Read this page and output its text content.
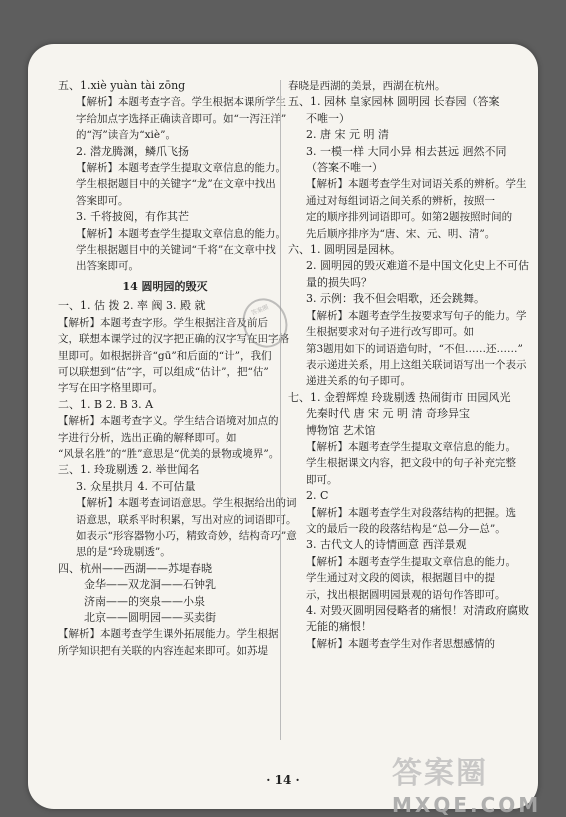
五、1.xiè yuàn tài zōng
【解析】本题考查字音。学生根据本课所学生
字给加点字选择正确读音即可。如“一泻汪洋”
的“泻”读音为“xiè”。
2. 潜龙腾渊，鳞爪飞扬
【解析】本题考查学生提取文章信息的能力。
学生根据题目中的关键字“龙”在文章中找出
答案即可。
3. 千将披阅，有作其芒
【解析】本题考查学生提取文章信息的能力。
学生根据题目中的关键词“千将”在文章中找
出答案即可。
14 圆明园的毁灭
一、1. 估 拨 2. 率 阀 3. 殿 就
【解析】本题考查字形。学生根据注音及前后
文，联想本课学过的汉字把正确的汉字写在田字格
里即可。如根据拼音“gū”和后面的“计”，我们
可以联想到“估”字，可以组成“估计”，把“估”
字写在田字格里即可。
二、1. B 2. B 3. A
【解析】本题考查字义。学生结合语境对加点的
字进行分析，选出正确的解释即可。如
“风景名胜”的“胜”意思是“优美的景物或境界”。
三、1. 玲珑剔透 2. 举世闻名
3. 众星拱月 4. 不可估量
【解析】本题考查词语意思。学生根据给出的词
语意思，联系平时积累，写出对应的词语即可。
如表示“形容器物小巧，精致奇妙，结构奇巧”意
思的是“玲珑剔透”。
四、杭州——西湖——苏堤春晓
金华——双龙洞——石钟乳
济南——的突泉——小泉
北京——圆明园——买卖街
【解析】本题考查学生课外拓展能力。学生根据
所学知识把有关联的内容连起来即可。如苏堤
春晓是西湖的美景，西湖在杭州。
五、1. 园林 皇家园林 圆明园 长春园（答案
不唯一）
2. 唐 宋 元 明 清
3. 一模一样 大同小异 相去甚远 迥然不同
（答案不唯一）
【解析】本题考查学生对词语关系的辨析。学生
通过对每组词语之间关系的辨析，按照一
定的顺序排列词语即可。如第2题按照时间的
先后顺序排序为“唐、宋、元、明、清”。
六、1. 圆明园是园林。
2. 圆明园的毁灭难道不是中国文化史上不可估
量的损失吗？
3. 示例：我不但会唱歌，还会跳舞。
【解析】本题考查学生按要求写句子的能力。学
生根据要求对句子进行改写即可。如
第3题用如下的词语造句时，“不但……还……”
表示递进关系，用上这组关联词语写出一个表示
递进关系的句子即可。
七、1. 金碧辉煌 玲珑剔透 热闹街市 田园风光
先秦时代 唐 宋 元 明 清 奇珍异宝
博物馆 艺术馆
【解析】本题考查学生提取文章信息的能力。
学生根据课文内容，把文段中的句子补充完整
即可。
2. C
【解析】本题考查学生对段落结构的把握。选
文的最后一段的段落结构是“总—分—总”。
3. 古代文人的诗情画意 西洋景观
【解析】本题考查学生提取文章信息的能力。
学生通过对文段的阅读，根据题目中的提
示，找出根据圆明园景观的语句作答即可。
4. 对毁灭圆明园侵略者的痛恨！对清政府腐败
无能的痛恨！
【解析】本题考查学生对作者思想感情的
答案圈
· 14 ·	答案圈
MXQE.COM
